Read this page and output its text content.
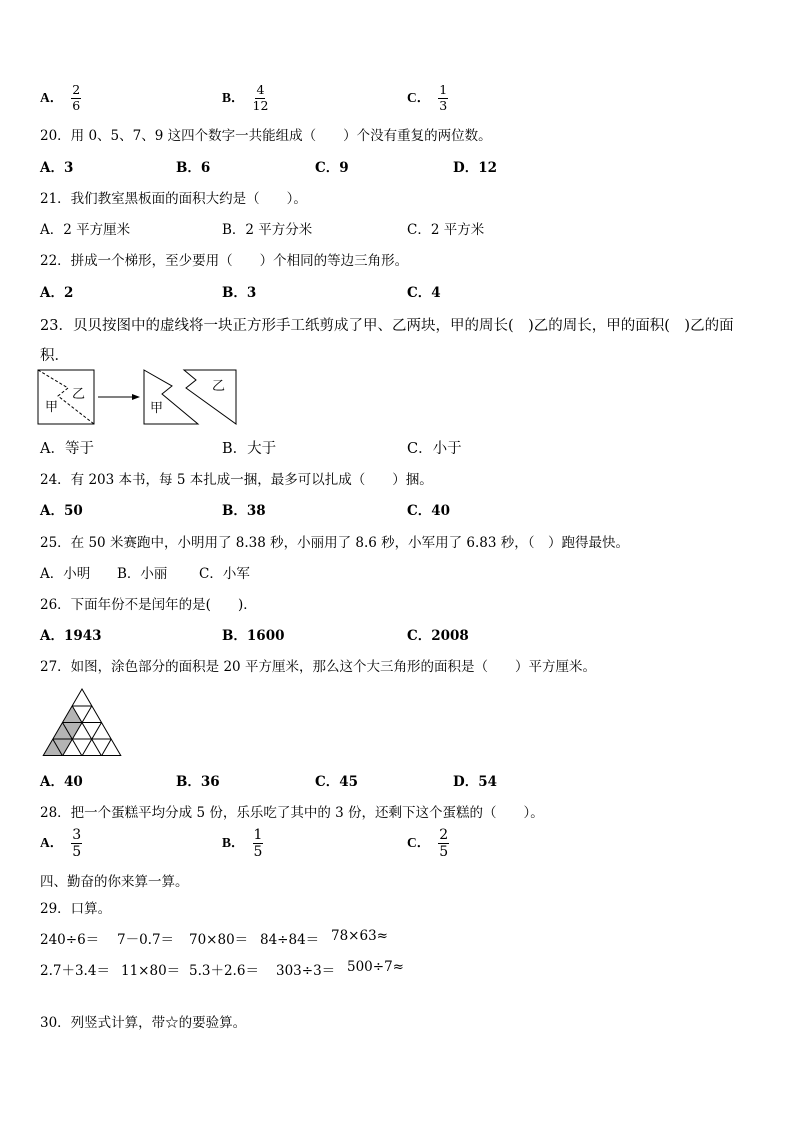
A． $\frac{2}{6}$	B． $\frac{4}{12}$	C． $\frac{1}{3}$
20．用 0、5、7、9 这四个数字一共能组成（　　）个没有重复的两位数。
A．3	B．6	C．9	D．12
21．我们教室黑板面的面积大约是（　　）。
A．2 平方厘米	B．2 平方分米	C．2 平方米
22．拼成一个梯形，至少要用（　　）个相同的等边三角形。
A．2	B．3	C．4
23．贝贝按图中的虚线将一块正方形手工纸剪成了甲、乙两块，甲的周长(　)乙的周长，甲的面积(　)乙的面积．
甲
乙
甲
乙
A．等于	B．大于	C．小于
24．有 203 本书，每 5 本扎成一捆，最多可以扎成（　　）捆。
A．50	B．38	C．40
25．在 50 米赛跑中，小明用了 8.38 秒，小丽用了 8.6 秒，小军用了 6.83 秒，（　）跑得最快。
A．小明 B．小丽 C．小军
26．下面年份不是闰年的是(　　)．
A．1943	B．1600	C．2008
27．如图，涂色部分的面积是 20 平方厘米，那么这个大三角形的面积是（　　）平方厘米。
A．40	B．36	C．45	D．54
28．把一个蛋糕平均分成 5 份，乐乐吃了其中的 3 份，还剩下这个蛋糕的（　　）。
A． $\frac{3}{5}$	B． $\frac{1}{5}$	C． $\frac{2}{5}$
四、勤奋的你来算一算。
29．口算。
240÷6＝ 7－0.7＝ 70×80＝ 84÷84＝ 78×63≈
2.7＋3.4＝ 11×80＝ 5.3＋2.6＝ 303÷3＝ 500÷7≈
30．列竖式计算，带☆的要验算。
